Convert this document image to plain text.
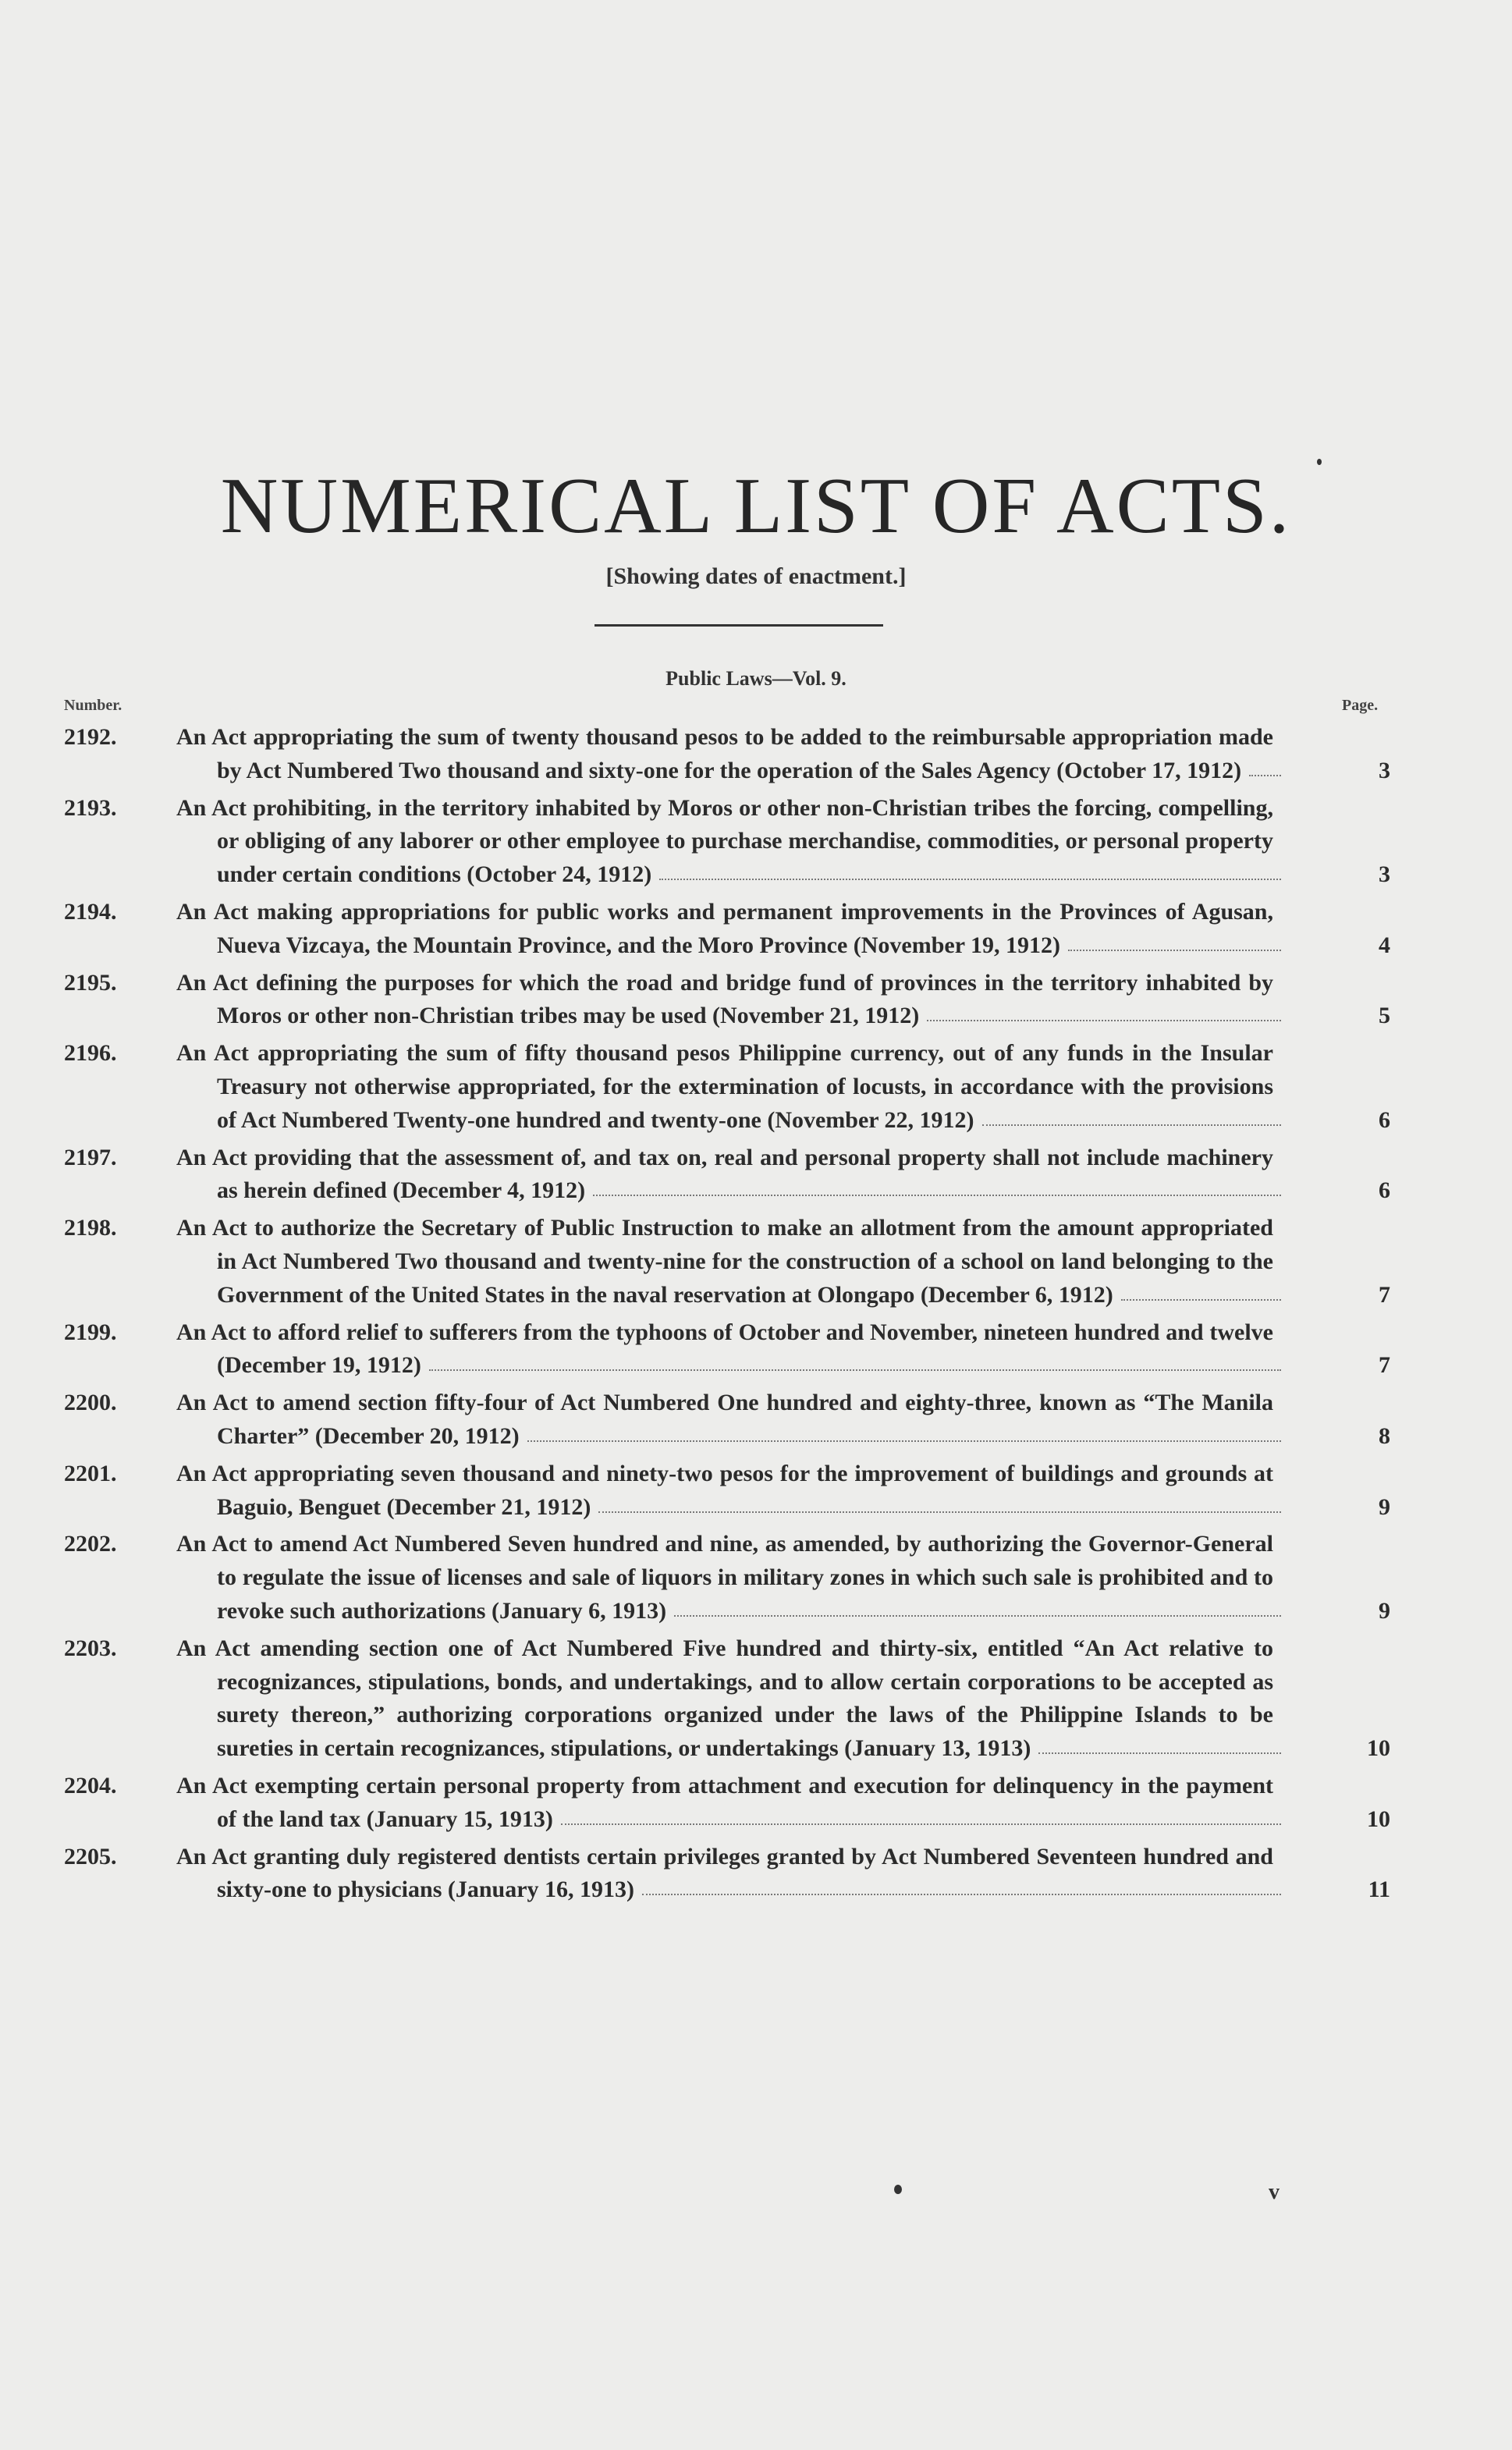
NUMERICAL LIST OF ACTS.
[Showing dates of enactment.]
Public Laws—Vol. 9.
Number.	Page.
2192.	An Act appropriating the sum of twenty thousand pesos to be added to the reimbursable appropriation made by Act Numbered Two thousand and sixty-one for the operation of the Sales Agency (October 17, 1912)	3
2193.	An Act prohibiting, in the territory inhabited by Moros or other non-Christian tribes the forcing, compelling, or obliging of any laborer or other employee to purchase merchandise, commodities, or personal property under certain conditions (October 24, 1912)	3
2194.	An Act making appropriations for public works and permanent improvements in the Provinces of Agusan, Nueva Vizcaya, the Mountain Province, and the Moro Province (November 19, 1912)	4
2195.	An Act defining the purposes for which the road and bridge fund of provinces in the territory inhabited by Moros or other non-Christian tribes may be used (November 21, 1912)	5
2196.	An Act appropriating the sum of fifty thousand pesos Philippine currency, out of any funds in the Insular Treasury not otherwise appropriated, for the extermination of locusts, in accordance with the provisions of Act Numbered Twenty-one hundred and twenty-one (November 22, 1912)	6
2197.	An Act providing that the assessment of, and tax on, real and personal property shall not include machinery as herein defined (December 4, 1912)	6
2198.	An Act to authorize the Secretary of Public Instruction to make an allotment from the amount appropriated in Act Numbered Two thousand and twenty-nine for the construction of a school on land belonging to the Government of the United States in the naval reservation at Olongapo (December 6, 1912)	7
2199.	An Act to afford relief to sufferers from the typhoons of October and November, nineteen hundred and twelve (December 19, 1912)	7
2200.	An Act to amend section fifty-four of Act Numbered One hundred and eighty-three, known as “The Manila Charter” (December 20, 1912)	8
2201.	An Act appropriating seven thousand and ninety-two pesos for the improvement of buildings and grounds at Baguio, Benguet (December 21, 1912)	9
2202.	An Act to amend Act Numbered Seven hundred and nine, as amended, by authorizing the Governor-General to regulate the issue of licenses and sale of liquors in military zones in which such sale is prohibited and to revoke such authorizations (January 6, 1913)	9
2203.	An Act amending section one of Act Numbered Five hundred and thirty-six, entitled “An Act relative to recognizances, stipulations, bonds, and undertakings, and to allow certain corporations to be accepted as surety thereon,” authorizing corporations organized under the laws of the Philippine Islands to be sureties in certain recognizances, stipulations, or undertakings (January 13, 1913)	10
2204.	An Act exempting certain personal property from attachment and execution for delinquency in the payment of the land tax (January 15, 1913)	10
2205.	An Act granting duly registered dentists certain privileges granted by Act Numbered Seventeen hundred and sixty-one to physicians (January 16, 1913)	11
v
